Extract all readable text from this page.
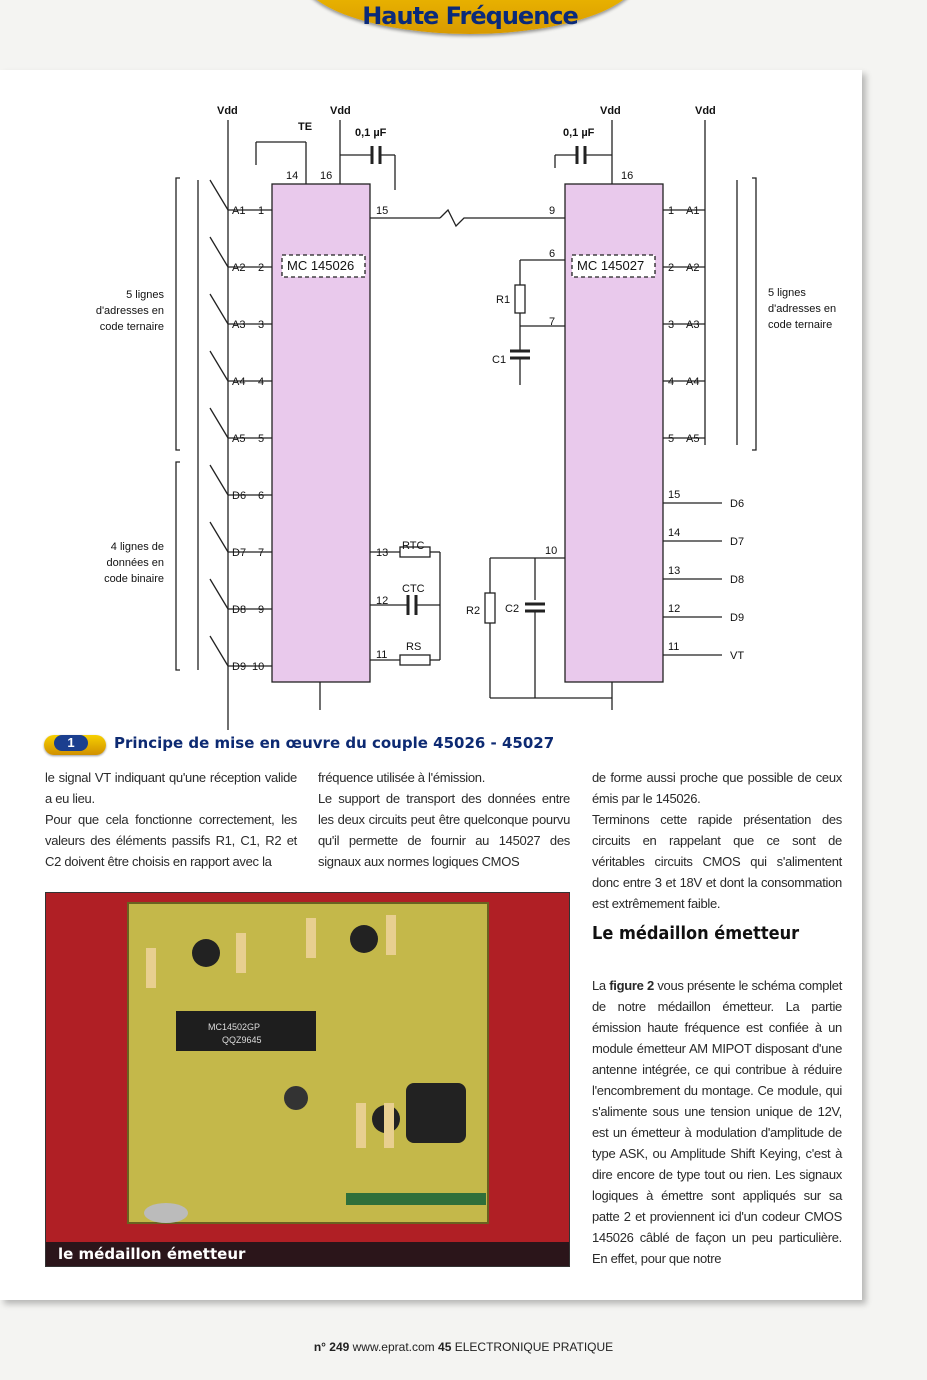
Haute Fréquence
Vdd	Vdd	Vdd	Vdd
TE	0,1 µF	0,1 µF
MC 145026	MC 145027
RTC
CTC
RS
R1
C1
R2 C2
D6
D7
D8
D9
VT
5 lignes
d'adresses en
code ternaire
4 lignes de
données en
code binaire
5 lignes
d'adresses en
code ternaire
A1 1
A2 2
A3 3
A4 4
A5 5
D6 6
D7 7
D8 9
D9 10
14 16
15
13
12
11
9
6
7
10
16
1 A1
2 A2
3 A3
4 A4
5 A5
15
14
13
12
11
1	Principe de mise en œuvre du couple 45026 - 45027

le signal VT indiquant qu'une réception valide a eu lieu.

Pour que cela fonctionne correctement, les valeurs des éléments passifs R1, C1, R2 et C2 doivent être choisis en rapport avec la

fréquence utilisée à l'émission.

Le support de transport des données entre les deux circuits peut être quelconque pourvu qu'il permette de fournir au 145027 des signaux aux normes logiques CMOS

de forme aussi proche que possible de ceux émis par le 145026.

Terminons cette rapide présentation des circuits en rappelant que ce sont de véritables circuits CMOS qui s'alimentent donc entre 3 et 18V et dont la consommation est extrêmement faible.

Le médaillon émetteur

La figure 2 vous présente le schéma complet de notre médaillon émetteur. La partie émission haute fréquence est confiée à un module émetteur AM MIPOT disposant d'une antenne intégrée, ce qui contribue à réduire l'encombrement du montage. Ce module, qui s'alimente sous une tension unique de 12V, est un émetteur à modulation d'amplitude de type ASK, ou Amplitude Shift Keying, c'est à dire encore de type tout ou rien. Les signaux logiques à émettre sont appliqués sur sa patte 2 et proviennent ici d'un codeur CMOS 145026 câblé de façon un peu particulière. En effet, pour que notre

MC14502GP
QQZ9645
le médaillon émetteur
n° 249 www.eprat.com 45 ELECTRONIQUE PRATIQUE
